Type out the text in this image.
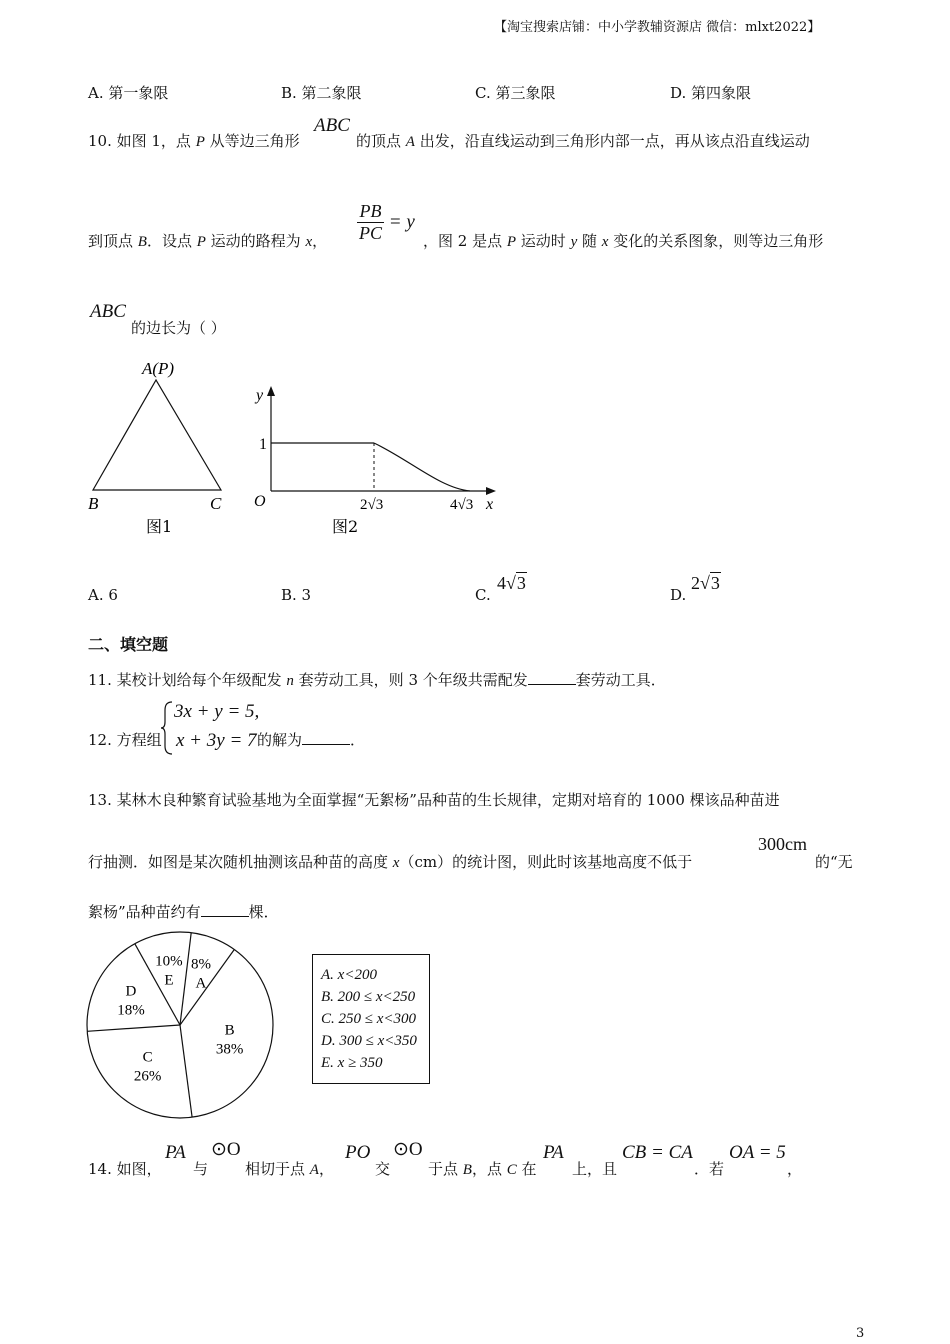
【淘宝搜索店铺：中小学教辅资源店 微信：mlxt2022】
A. 第一象限	B. 第二象限	C. 第三象限	D. 第四象限
10. 如图 1，点 P 从等边三角形
ABC
的顶点 A 出发，沿直线运动到三角形内部一点，再从该点沿直线运动
到顶点 B．设点 P 运动的路程为 x， $\frac{PB}{PC} = y$
，图 2 是点 P 运动时 y 随 x 变化的关系图象，则等边三角形
ABC
的边长为（ ）
A(P)
B	C
图1
y
x
O
1
2√3	4√3
图2
A. 6	B. 3	C.
4√3
D.
2√3
二、填空题
11. 某校计划给每个年级配发 n 套劳动工具，则 3 个年级共需配发	套劳动工具．
12. 方程组
3x + y = 5,
x + 3y = 7 的解为	．
13. 某林木良种繁育试验基地为全面掌握“无絮杨”品种苗的生长规律，定期对培育的 1000 棵该品种苗进
行抽测．如图是某次随机抽测该品种苗的高度 x（cm）的统计图，则此时该基地高度不低于
300cm
的“无
絮杨”品种苗约有	棵．
8%
A
B
38%
C
26%
D
18%
10%
E	A. x<200
B. 200 ≤ x<250
C. 250 ≤ x<300
D. 300 ≤ x<350
E. x ≥ 350
14. 如图，
PA
与
⊙O
相切于点 A，
PO
交
⊙O
于点 B，点 C 在
PA
上，且
CB = CA
．若
OA = 5
，
3
